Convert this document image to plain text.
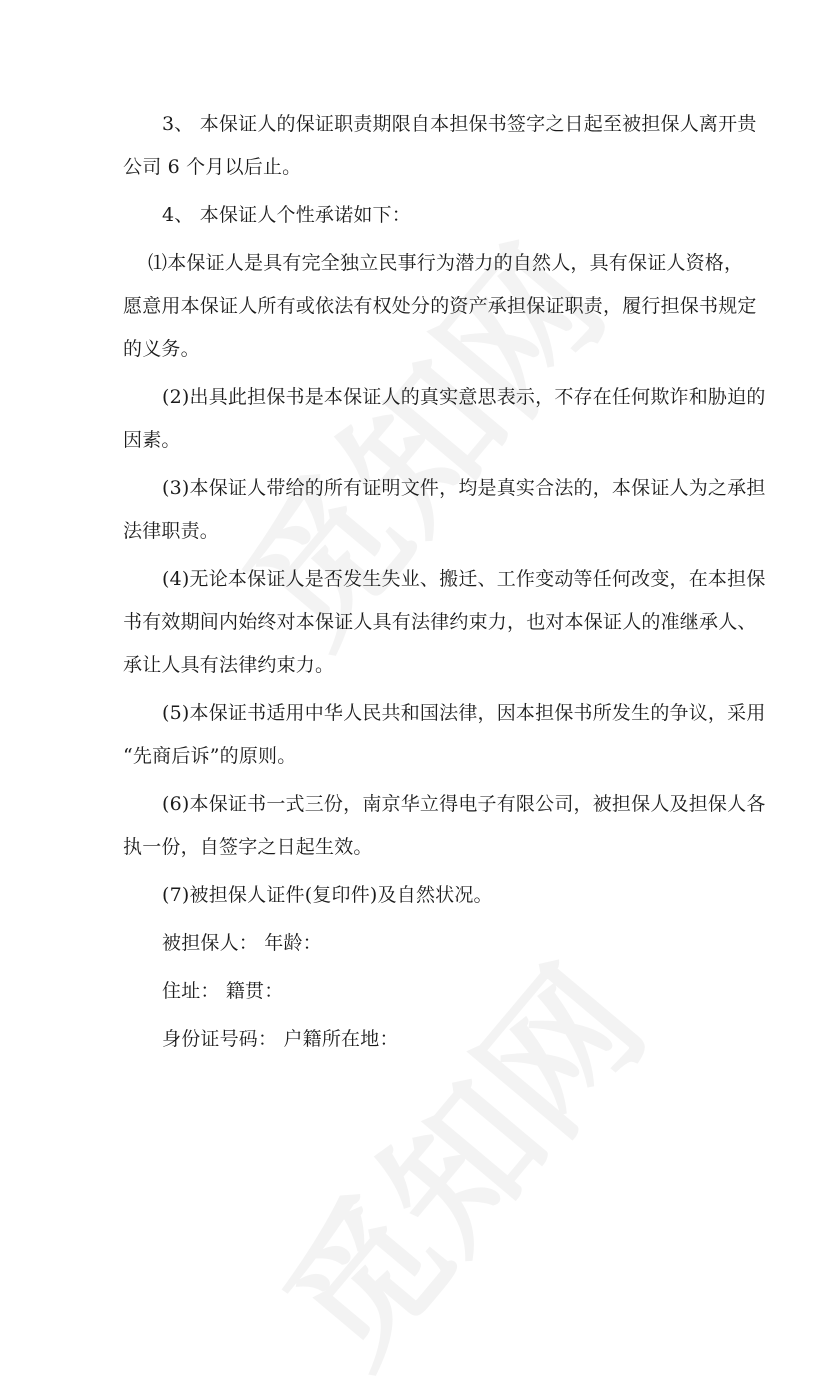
3、 本保证人的保证职责期限自本担保书签字之日起至被担保人离开贵
公司 6 个月以后止。
4、 本保证人个性承诺如下：
⑴本保证人是具有完全独立民事行为潜力的自然人，具有保证人资格，
愿意用本保证人所有或依法有权处分的资产承担保证职责，履行担保书规定
的义务。
(2)出具此担保书是本保证人的真实意思表示，不存在任何欺诈和胁迫的
因素。
(3)本保证人带给的所有证明文件，均是真实合法的，本保证人为之承担
法律职责。
(4)无论本保证人是否发生失业、搬迁、工作变动等任何改变，在本担保
书有效期间内始终对本保证人具有法律约束力，也对本保证人的准继承人、
承让人具有法律约束力。
(5)本保证书适用中华人民共和国法律，因本担保书所发生的争议，采用
“先商后诉”的原则。
(6)本保证书一式三份，南京华立得电子有限公司，被担保人及担保人各
执一份，自签字之日起生效。
(7)被担保人证件(复印件)及自然状况。
被担保人： 年龄：
住址： 籍贯：
身份证号码： 户籍所在地：
